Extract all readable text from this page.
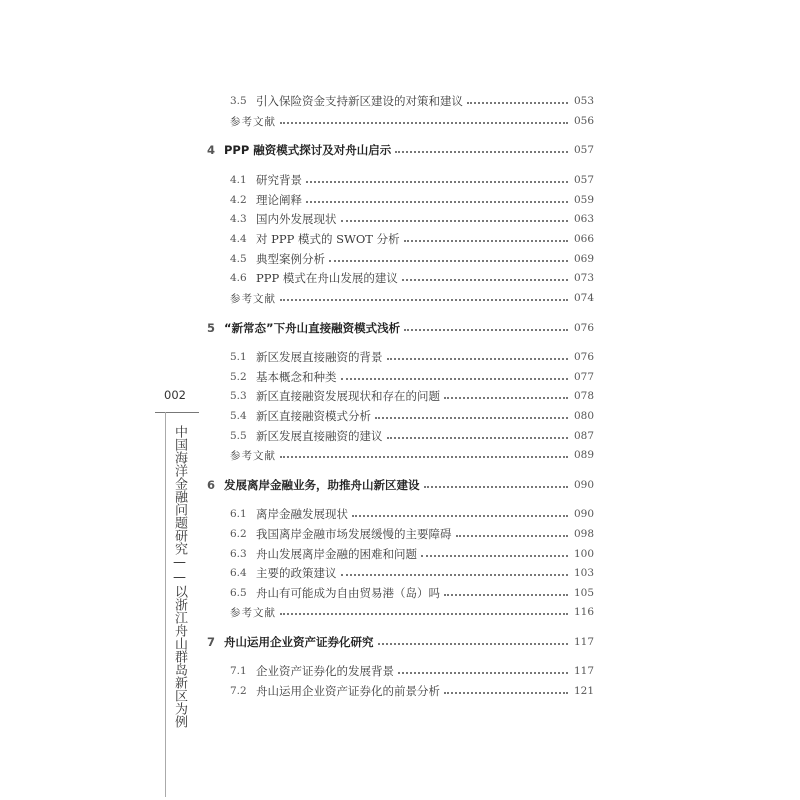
3.5 引入保险资金支持新区建设的对策和建议	053
参考文献	056
4 PPP 融资模式探讨及对舟山启示	057
4.1 研究背景	057
4.2 理论阐释	059
4.3 国内外发展现状	063
4.4 对 PPP 模式的 SWOT 分析	066
4.5 典型案例分析	069
4.6 PPP 模式在舟山发展的建议	073
参考文献	074
5 “新常态”下舟山直接融资模式浅析	076
5.1 新区发展直接融资的背景	076
5.2 基本概念和种类	077
5.3 新区直接融资发展现状和存在的问题	078
5.4 新区直接融资模式分析	080
5.5 新区发展直接融资的建议	087
参考文献	089
6 发展离岸金融业务，助推舟山新区建设	090
6.1 离岸金融发展现状	090
6.2 我国离岸金融市场发展缓慢的主要障碍	098
6.3 舟山发展离岸金融的困难和问题	100
6.4 主要的政策建议	103
6.5 舟山有可能成为自由贸易港（岛）吗	105
参考文献	116
7 舟山运用企业资产证券化研究	117
7.1 企业资产证券化的发展背景	117
7.2 舟山运用企业资产证券化的前景分析	121
002
中国海洋金融问题研究——以浙江舟山群岛新区为例
